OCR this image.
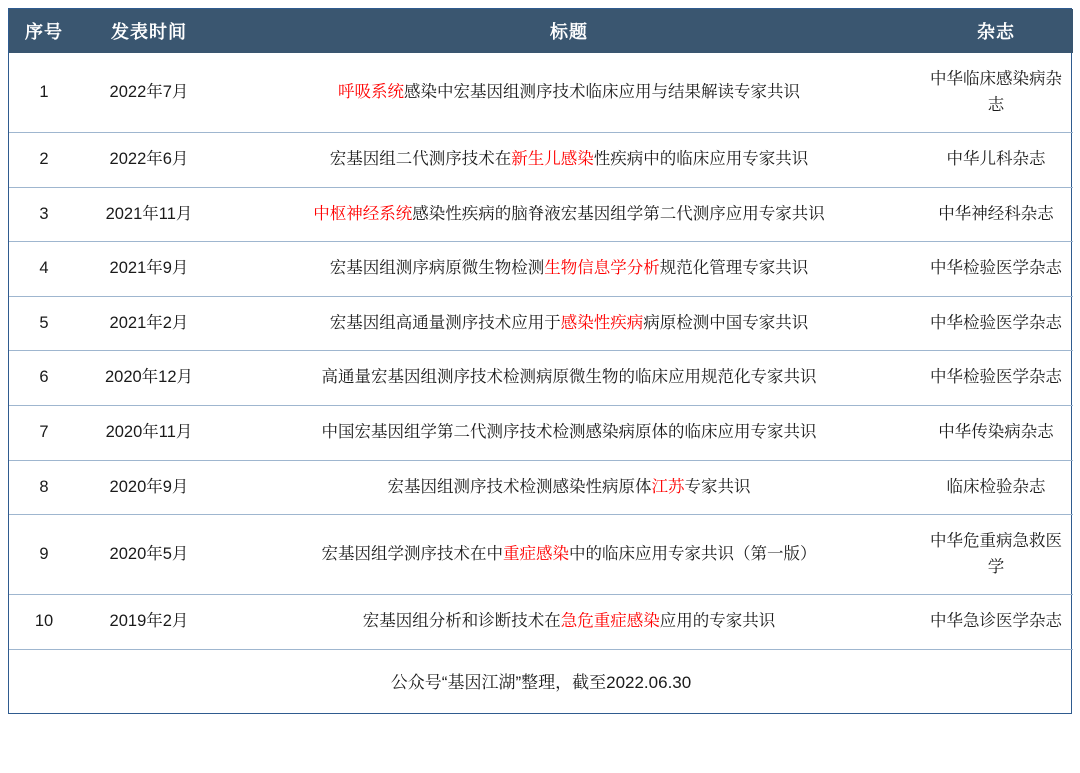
序号	发表时间	标题	杂志
1	2022年7月	呼吸系统感染中宏基因组测序技术临床应用与结果解读专家共识	中华临床感染病杂志
2	2022年6月	宏基因组二代测序技术在新生儿感染性疾病中的临床应用专家共识	中华儿科杂志
3	2021年11月	中枢神经系统感染性疾病的脑脊液宏基因组学第二代测序应用专家共识	中华神经科杂志
4	2021年9月	宏基因组测序病原微生物检测生物信息学分析规范化管理专家共识	中华检验医学杂志
5	2021年2月	宏基因组高通量测序技术应用于感染性疾病病原检测中国专家共识	中华检验医学杂志
6	2020年12月	高通量宏基因组测序技术检测病原微生物的临床应用规范化专家共识	中华检验医学杂志
7	2020年11月	中国宏基因组学第二代测序技术检测感染病原体的临床应用专家共识	中华传染病杂志
8	2020年9月	宏基因组测序技术检测感染性病原体江苏专家共识	临床检验杂志
9	2020年5月	宏基因组学测序技术在中重症感染中的临床应用专家共识（第一版）	中华危重病急救医学
10	2019年2月	宏基因组分析和诊断技术在急危重症感染应用的专家共识	中华急诊医学杂志
公众号“基因江湖”整理，截至2022.06.30			
